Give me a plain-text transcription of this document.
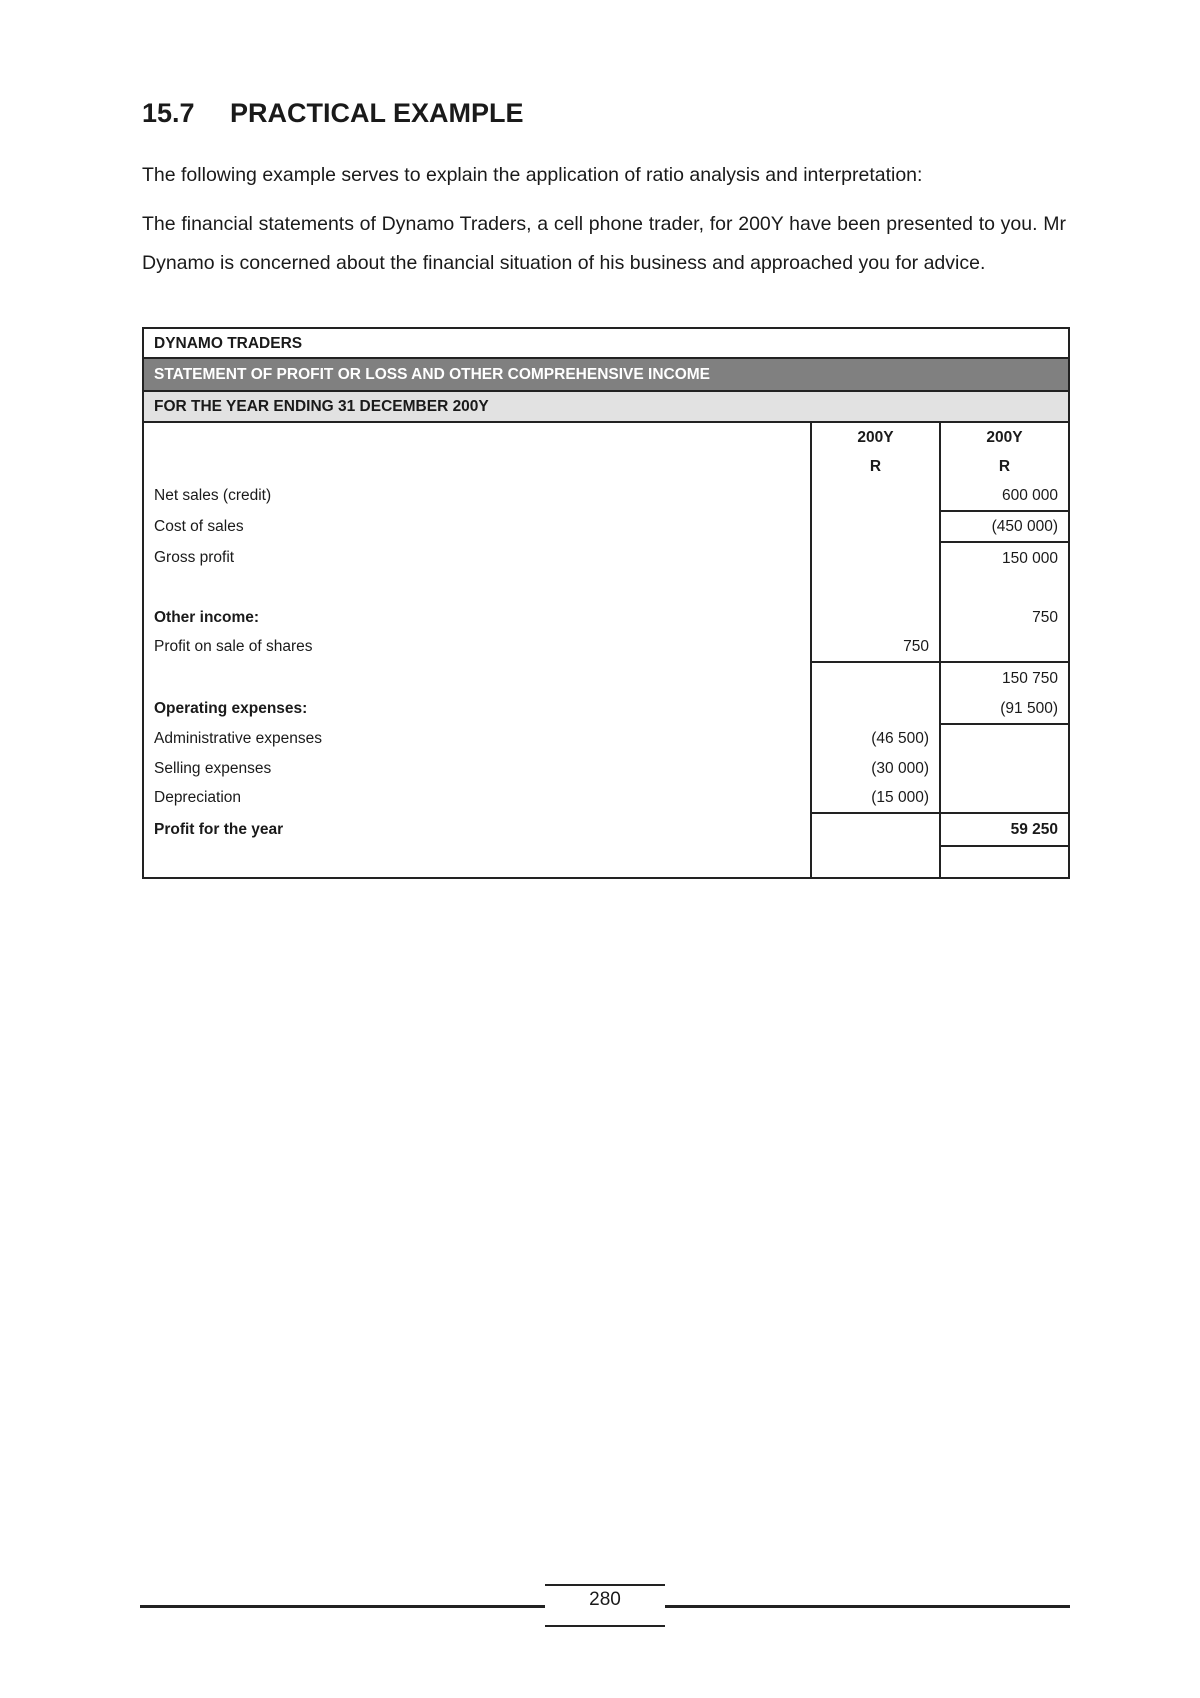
15.7 PRACTICAL EXAMPLE

The following example serves to explain the application of ratio analysis and interpretation:

The financial statements of Dynamo Traders, a cell phone trader, for 200Y have been presented to you. Mr Dynamo is concerned about the financial situation of his business and approached you for advice.

DYNAMO TRADERS
STATEMENT OF PROFIT OR LOSS AND OTHER COMPREHENSIVE INCOME
FOR THE YEAR ENDING 31 DECEMBER 200Y
	200Y	200Y
	R	R
Net sales (credit)		600 000
Cost of sales		(450 000)
Gross profit		150 000

Other income:		750
Profit on sale of shares	750	
		150 750
Operating expenses:		(91 500)
Administrative expenses	(46 500)	
Selling expenses	(30 000)	
Depreciation	(15 000)	
Profit for the year		59 250

280
